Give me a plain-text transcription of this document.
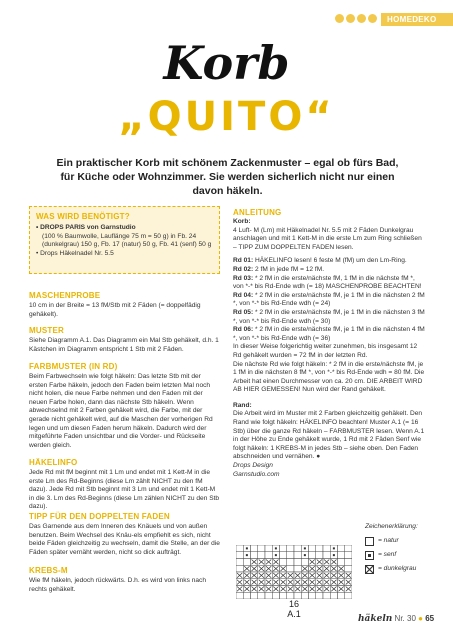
HOMEDEKO
Korb
„QUITO“
Ein praktischer Korb mit schönem Zackenmuster – egal ob fürs Bad, für Küche oder Wohnzimmer. Sie werden sicherlich nicht nur einen davon häkeln.
WAS WIRD BENÖTIGT?
• DROPS PARIS von Garnstudio
(100 % Baumwolle, Lauflänge 75 m = 50 g) in Fb. 24 (dunkelgrau) 150 g, Fb. 17 (natur) 50 g, Fb. 41 (senf) 50 g
• Drops Häkelnadel Nr. 5.5
MASCHENPROBE
10 cm in der Breite = 13 fM/Stb mit 2 Fäden (= doppelfädig gehäkelt).
MUSTER
Siehe Diagramm A.1. Das Diagramm ein Mal Stb gehäkelt, d.h. 1 Kästchen im Diagramm entspricht 1 Stb mit 2 Fäden.
FARBMUSTER (IN RD)
Beim Farbwechseln wie folgt häkeln: Das letzte Stb mit der ersten Farbe häkeln, jedoch den Faden beim letzten Mal noch nicht holen, die neue Farbe nehmen und den Faden mit der neuen Farbe holen, dann das nächste Stb häkeln. Wenn abwechselnd mit 2 Farben gehäkelt wird, die Farbe, mit der gerade nicht gehäkelt wird, auf die Maschen der vorherigen Rd legen und um diesen Faden herum häkeln. Dadurch wird der mitgeführte Faden unsichtbar und die Vorder- und Rückseite werden gleich.
HÄKELINFO
Jede Rd mit fM beginnt mit 1 Lm und endet mit 1 Kett-M in die erste Lm des Rd-Beginns (diese Lm zählt NICHT zu den fM dazu). Jede Rd mit Stb beginnt mit 3 Lm und endet mit 1 Kett-M in die 3. Lm des Rd-Beginns (diese Lm zählen NICHT zu den Stb dazu).
TIPP FÜR DEN DOPPELTEN FADEN
Das Garnende aus dem Inneren des Knäuels und von außen benutzen. Beim Wechsel des Knäu-els empfiehlt es sich, nicht beide Fäden gleichzeitig zu wechseln, damit die Stelle, an der die Fäden später vernäht werden, nicht so dick aufträgt.
KREBS-M
Wie fM häkeln, jedoch rückwärts. D.h. es wird von links nach rechts gehäkelt.
ANLEITUNG
Korb:
4 Luft- M (Lm) mit Häkelnadel Nr. 5.5 mit 2 Fäden Dunkelgrau anschlagen und mit 1 Kett-M in die erste Lm zum Ring schließen – TIPP ZUM DOPPELTEN FADEN lesen.
Rd 01: HÄKELINFO lesen! 6 feste M (fM) um den Lm-Ring.
Rd 02: 2 fM in jede fM = 12 fM.
Rd 03: * 2 fM in die erste/nächste fM, 1 fM in die nächste fM *, von *-* bis Rd-Ende wdh (= 18) MASCHENPROBE BEACHTEN!
Rd 04: * 2 fM in die erste/nächste fM, je 1 fM in die nächsten 2 fM *, von *-* bis Rd-Ende wdh (= 24)
Rd 05: * 2 fM in die erste/nächste fM, je 1 fM in die nächsten 3 fM *, von *-* bis Rd-Ende wdh (= 30)
Rd 06: * 2 fM in die erste/nächste fM, je 1 fM in die nächsten 4 fM *, von *-* bis Rd-Ende wdh (= 36)
In dieser Weise folgerichtig weiter zunehmen, bis insgesamt 12 Rd gehäkelt wurden = 72 fM in der letzten Rd.
Die nächste Rd wie folgt häkeln: * 2 fM in die erste/nächste fM, je 1 fM in die nächsten 8 fM *, von *-* bis Rd-Ende wdh = 80 fM. Die Arbeit hat einen Durchmesser von ca. 20 cm. DIE ARBEIT WIRD AB HIER GEMESSEN! Nun wird der Rand gehäkelt.
Rand:
Die Arbeit wird im Muster mit 2 Farben gleichzeitig gehäkelt. Den Rand wie folgt häkeln: HÄKELINFO beachten! Muster A.1 (= 16 Stb) über die ganze Rd häkeln – FARBMUSTER lesen. Wenn A.1 in der Höhe zu Ende gehäkelt wurde, 1 Rd mit 2 Fäden Senf wie folgt häkeln: 1 KREBS-M in jedes Stb – siehe oben. Den Faden abschneiden und vernähen. ●
Drops Design
Garnstudio.com
16
A.1
Zeichenerklärung:
= natur
= senf
= dunkelgrau
häkeln Nr. 30 ● 65
